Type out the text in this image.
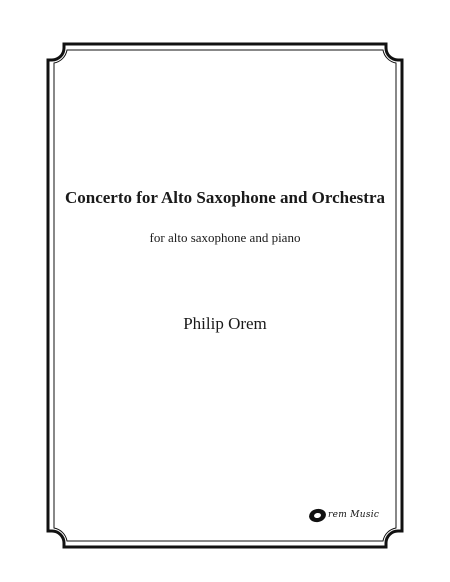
Concerto for Alto Saxophone and Orchestra

for alto saxophone and piano

Philip Orem

rem Music
